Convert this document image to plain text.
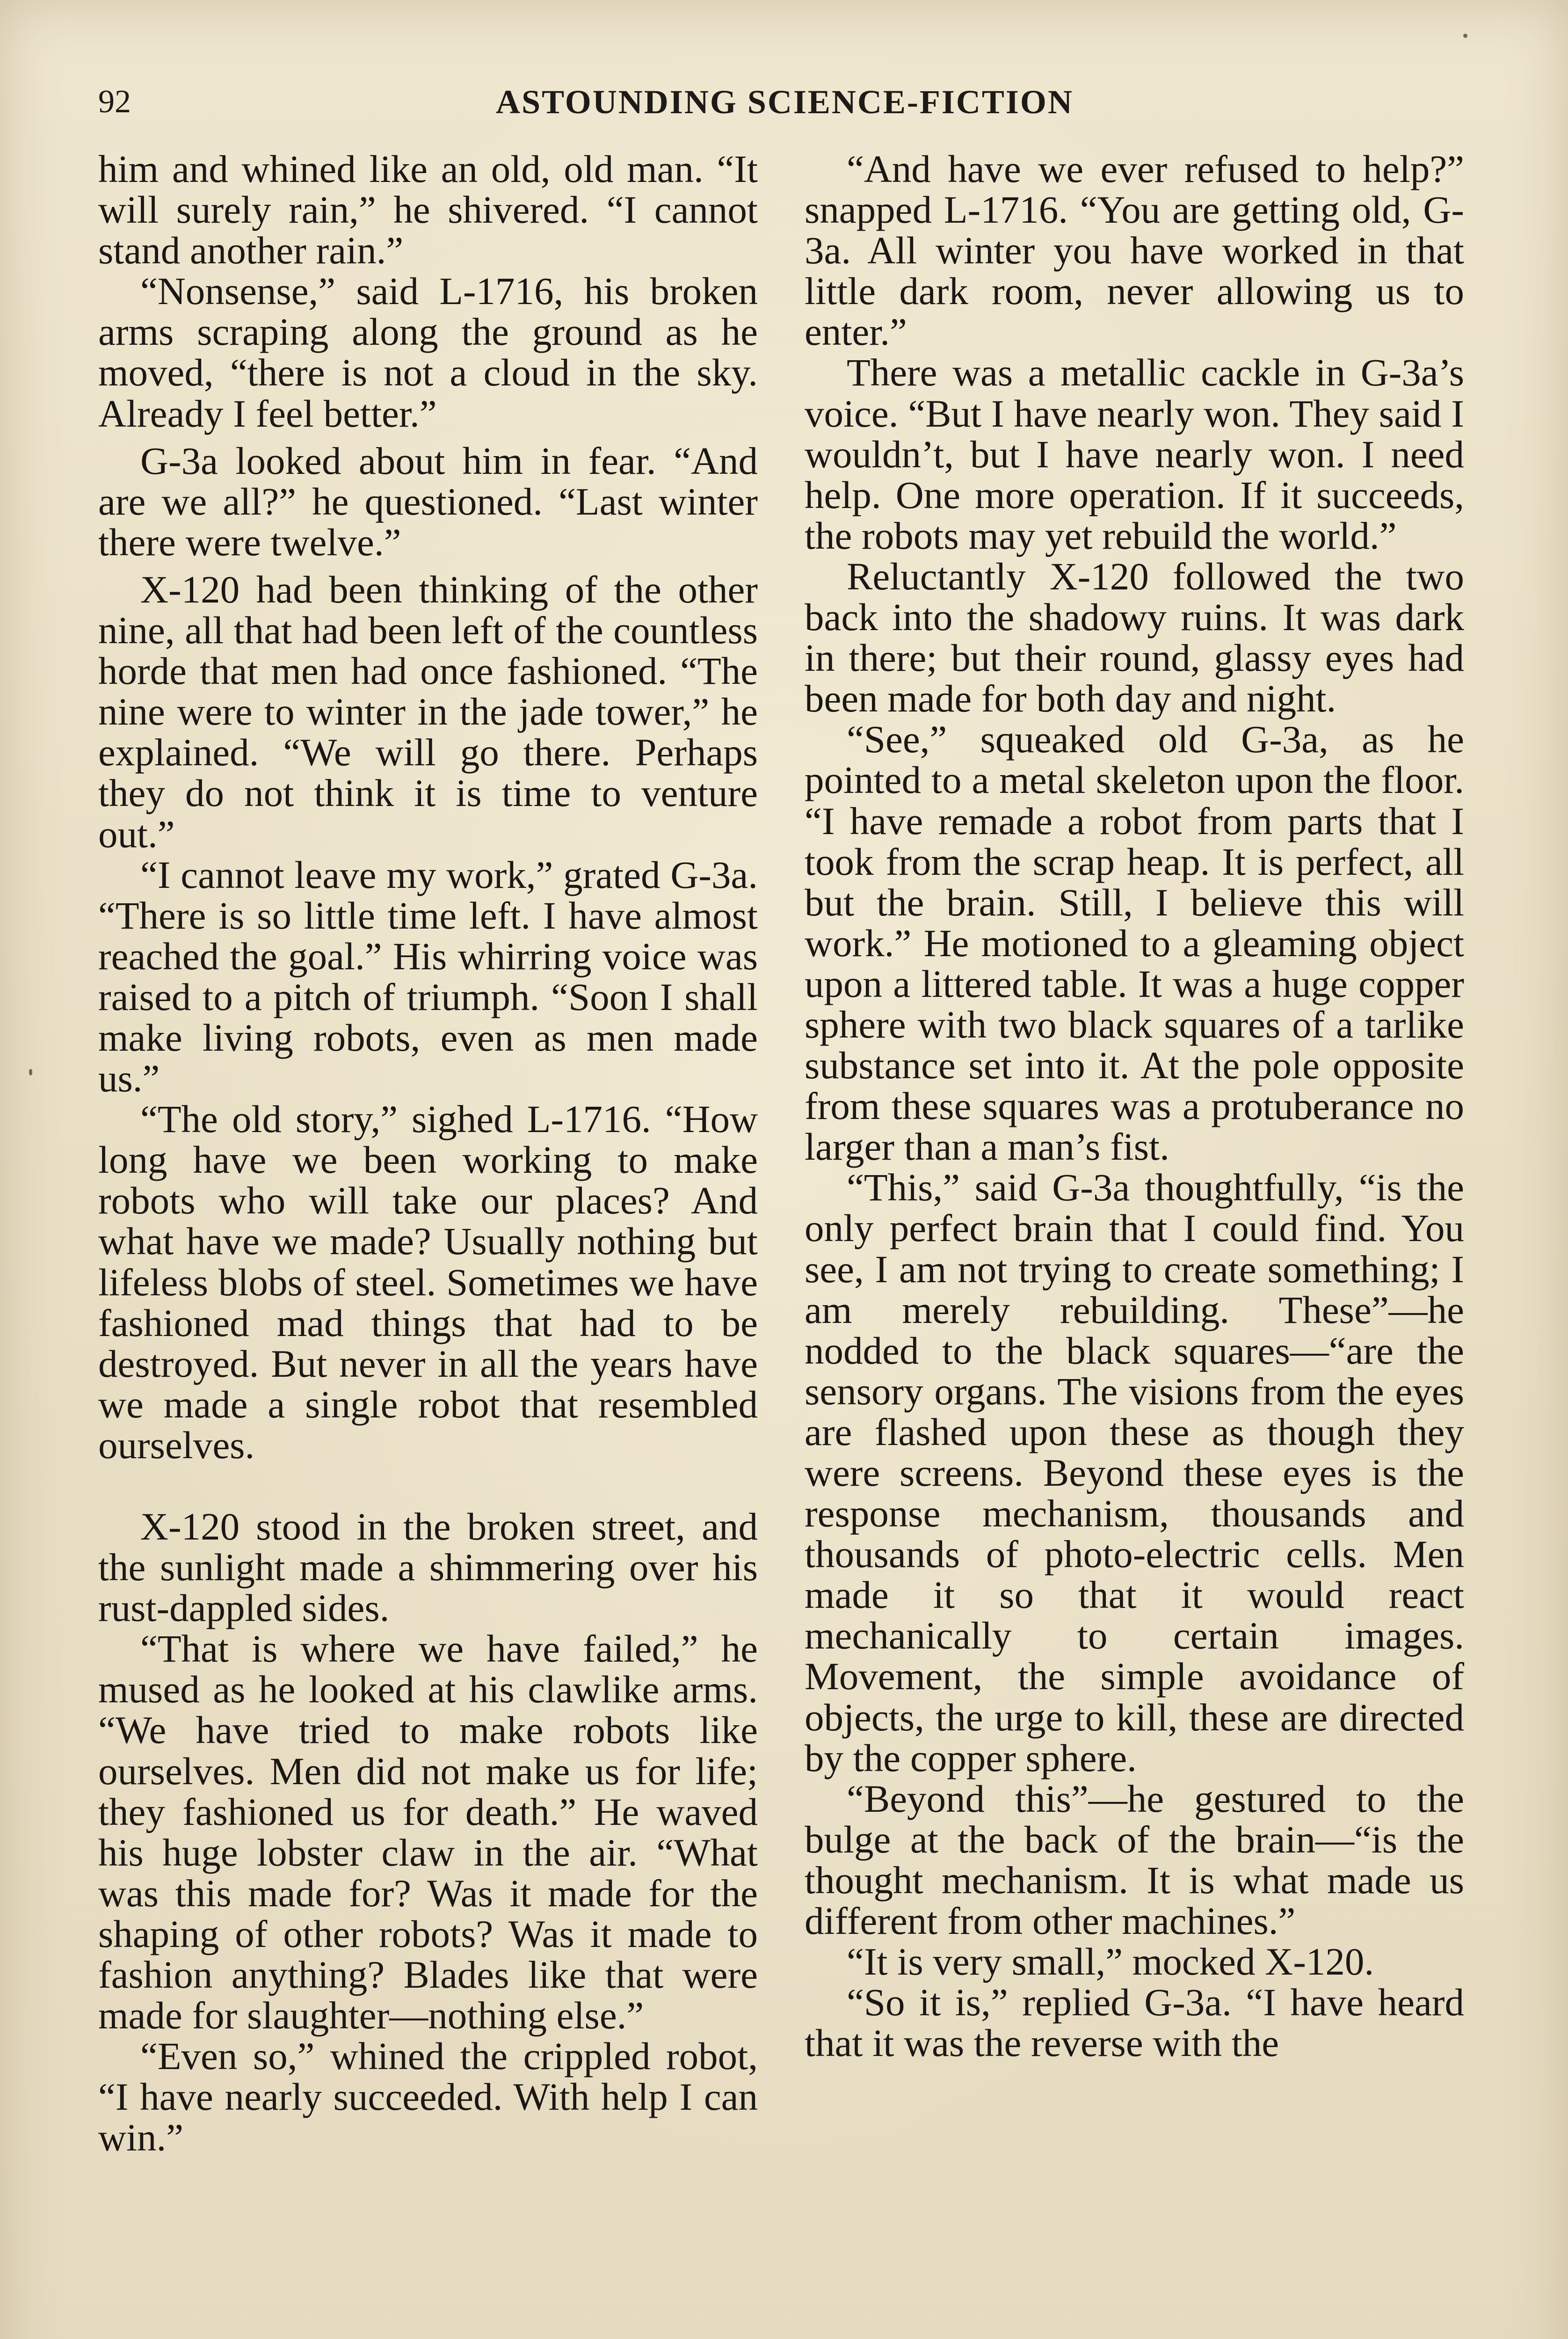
92	ASTOUNDING SCIENCE-FICTION

him and whined like an old, old man. “It will surely rain,” he shivered. “I cannot stand another rain.”

“Nonsense,” said L-1716, his broken arms scraping along the ground as he moved, “there is not a cloud in the sky. Already I feel better.”

G-3a looked about him in fear. “And are we all?” he questioned. “Last winter there were twelve.”

X-120 had been thinking of the other nine, all that had been left of the countless horde that men had once fashioned. “The nine were to winter in the jade tower,” he explained. “We will go there. Perhaps they do not think it is time to venture out.”

“I cannot leave my work,” grated G-3a. “There is so little time left. I have almost reached the goal.” His whirring voice was raised to a pitch of triumph. “Soon I shall make living robots, even as men made us.”

“The old story,” sighed L-1716. “How long have we been working to make robots who will take our places? And what have we made? Usually nothing but lifeless blobs of steel. Sometimes we have fashioned mad things that had to be destroyed. But never in all the years have we made a single robot that resembled ourselves.

X-120 stood in the broken street, and the sunlight made a shimmering over his rust-dappled sides.

“That is where we have failed,” he mused as he looked at his clawlike arms. “We have tried to make robots like ourselves. Men did not make us for life; they fashioned us for death.” He waved his huge lobster claw in the air. “What was this made for? Was it made for the shaping of other robots? Was it made to fashion anything? Blades like that were made for slaughter—nothing else.”

“Even so,” whined the crippled robot, “I have nearly succeeded. With help I can win.”

“And have we ever refused to help?” snapped L-1716. “You are getting old, G-3a. All winter you have worked in that little dark room, never allowing us to enter.”

There was a metallic cackle in G-3a’s voice. “But I have nearly won. They said I wouldn’t, but I have nearly won. I need help. One more operation. If it succeeds, the robots may yet rebuild the world.”

Reluctantly X-120 followed the two back into the shadowy ruins. It was dark in there; but their round, glassy eyes had been made for both day and night.

“See,” squeaked old G-3a, as he pointed to a metal skeleton upon the floor. “I have remade a robot from parts that I took from the scrap heap. It is perfect, all but the brain. Still, I believe this will work.” He motioned to a gleaming object upon a littered table. It was a huge copper sphere with two black squares of a tarlike substance set into it. At the pole opposite from these squares was a protuberance no larger than a man’s fist.

“This,” said G-3a thoughtfully, “is the only perfect brain that I could find. You see, I am not trying to create something; I am merely rebuilding. These”—he nodded to the black squares—“are the sensory organs. The visions from the eyes are flashed upon these as though they were screens. Beyond these eyes is the response mechanism, thousands and thousands of photo-electric cells. Men made it so that it would react mechanically to certain images. Movement, the simple avoidance of objects, the urge to kill, these are directed by the copper sphere.

“Beyond this”—he gestured to the bulge at the back of the brain—“is the thought mechanism. It is what made us different from other machines.”

“It is very small,” mocked X-120.

“So it is,” replied G-3a. “I have heard that it was the reverse with the
